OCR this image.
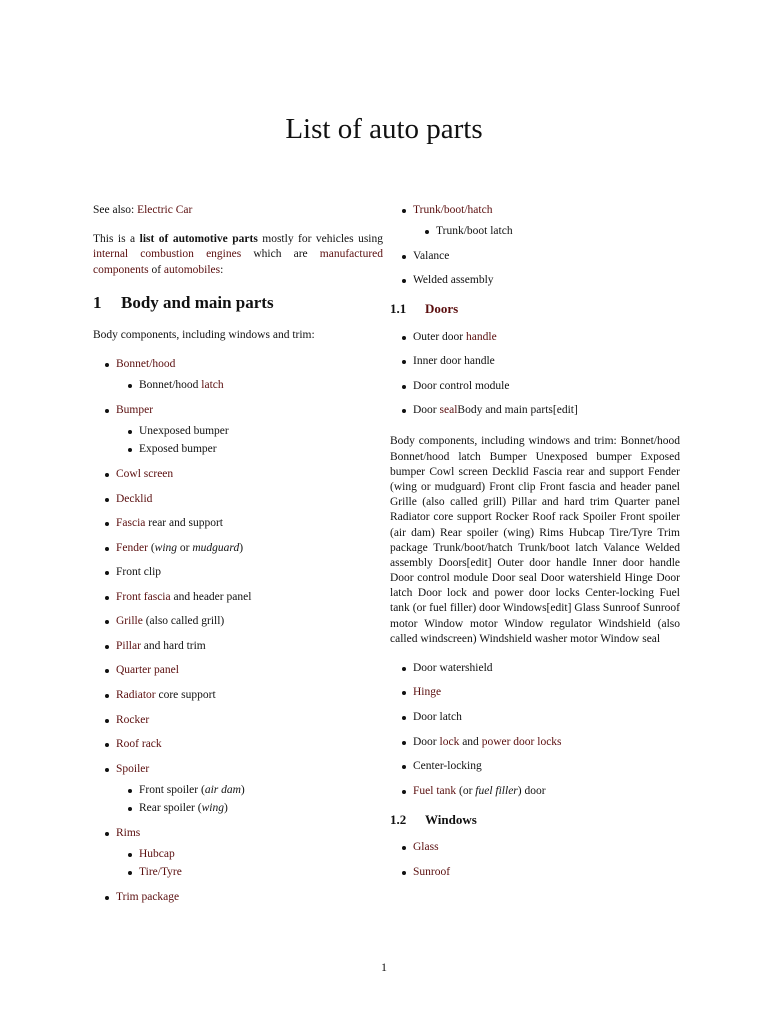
List of auto parts

See also: Electric Car

This is a list of automotive parts mostly for vehicles using internal combustion engines which are manufactured components of automobiles:

1 Body and main parts

Body components, including windows and trim:

Bonnet/hood
Bonnet/hood latch
Bumper
Unexposed bumper
Exposed bumper
Cowl screen
Decklid
Fascia rear and support
Fender (wing or mudguard)
Front clip
Front fascia and header panel
Grille (also called grill)
Pillar and hard trim
Quarter panel
Radiator core support
Rocker
Roof rack
Spoiler
Front spoiler (air dam)
Rear spoiler (wing)
Rims
Hubcap
Tire/Tyre
Trim package
Trunk/boot/hatch
Trunk/boot latch
Valance
Welded assembly
1.1 Doors
Outer door handle
Inner door handle
Door control module
Door sealBody and main parts[edit]

Body components, including windows and trim: Bonnet/hood Bonnet/hood latch Bumper Unexposed bumper Exposed bumper Cowl screen Decklid Fascia rear and support Fender (wing or mudguard) Front clip Front fascia and header panel Grille (also called grill) Pillar and hard trim Quarter panel Radiator core support Rocker Roof rack Spoiler Front spoiler (air dam) Rear spoiler (wing) Rims Hubcap Tire/Tyre Trim package Trunk/boot/hatch Trunk/boot latch Valance Welded assembly Doors[edit] Outer door handle Inner door handle Door control module Door seal Door watershield Hinge Door latch Door lock and power door locks Center-locking Fuel tank (or fuel filler) door Windows[edit] Glass Sunroof Sunroof motor Window motor Window regulator Windshield (also called windscreen) Windshield washer motor Window seal

Door watershield
Hinge
Door latch
Door lock and power door locks
Center-locking
Fuel tank (or fuel filler) door
1.2 Windows
Glass
Sunroof
1
